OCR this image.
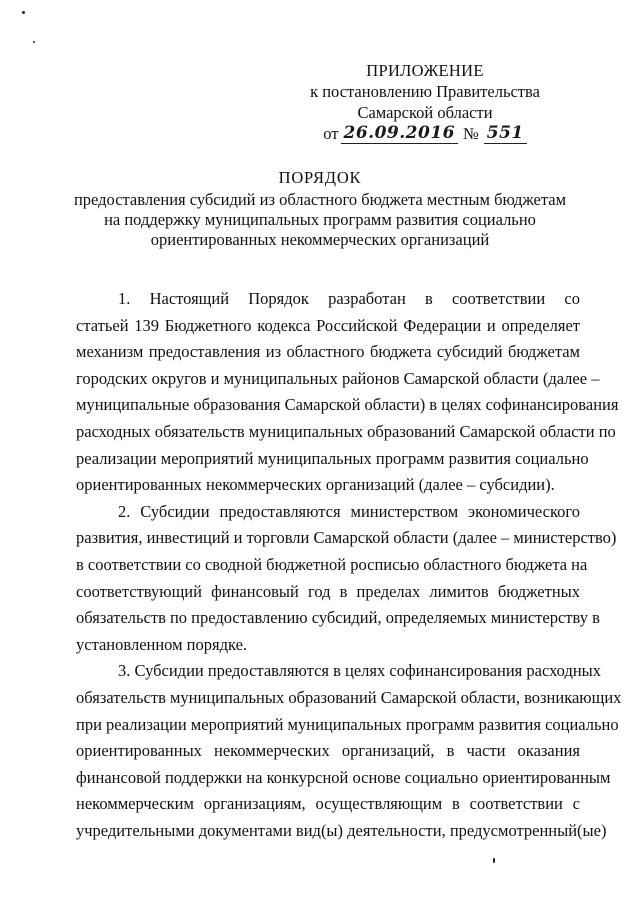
ПРИЛОЖЕНИЕ
к постановлению Правительства
Самарской области
от 26.09.2016 № 551
ПОРЯДОК
предоставления субсидий из областного бюджета местным бюджетам
на поддержку муниципальных программ развития социально
ориентированных некоммерческих организаций

1. Настоящий Порядок разработан в соответствии со
статьей 139 Бюджетного кодекса Российской Федерации и определяет
механизм предоставления из областного бюджета субсидий бюджетам
городских округов и муниципальных районов Самарской области (далее –
муниципальные образования Самарской области) в целях софинансирования
расходных обязательств муниципальных образований Самарской области по
реализации мероприятий муниципальных программ развития социально
ориентированных некоммерческих организаций (далее – субсидии).

2. Субсидии предоставляются министерством экономического
развития, инвестиций и торговли Самарской области (далее – министерство)
в соответствии со сводной бюджетной росписью областного бюджета на
соответствующий финансовый год в пределах лимитов бюджетных
обязательств по предоставлению субсидий, определяемых министерству в
установленном порядке.

3. Субсидии предоставляются в целях софинансирования расходных
обязательств муниципальных образований Самарской области, возникающих
при реализации мероприятий муниципальных программ развития социально
ориентированных некоммерческих организаций, в части оказания
финансовой поддержки на конкурсной основе социально ориентированным
некоммерческим организациям, осуществляющим в соответствии с
учредительными документами вид(ы) деятельности, предусмотренный(ые)
